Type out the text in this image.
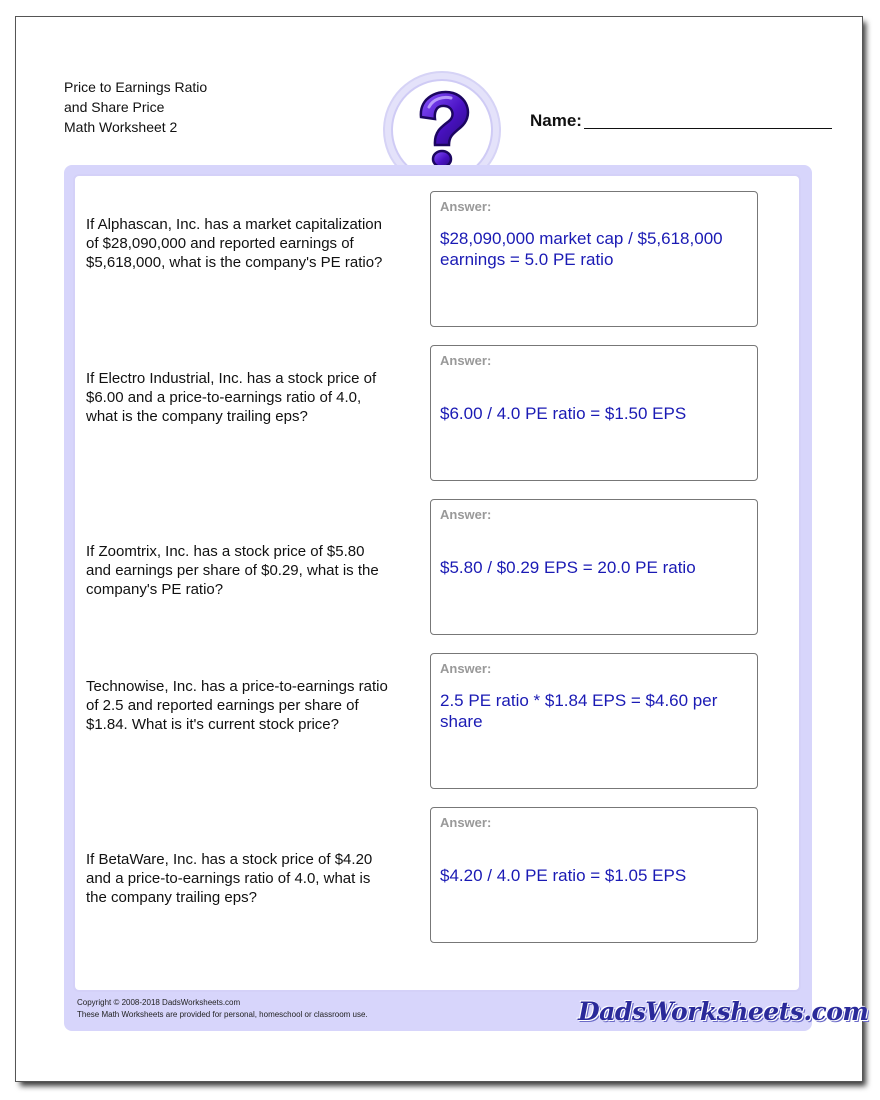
Price to Earnings Ratio
and Share Price
Math Worksheet 2	Name:
If Alphascan, Inc. has a market capitalization of $28,090,000 and reported earnings of $5,618,000, what is the company's PE ratio?
Answer:
$28,090,000 market cap / $5,618,000 earnings = 5.0 PE ratio
If Electro Industrial, Inc. has a stock price of $6.00 and a price-to-earnings ratio of 4.0, what is the company trailing eps?
Answer:
$6.00 / 4.0 PE ratio = $1.50 EPS
If Zoomtrix, Inc. has a stock price of $5.80 and earnings per share of $0.29, what is the company's PE ratio?
Answer:
$5.80 / $0.29 EPS = 20.0 PE ratio
Technowise, Inc. has a price-to-earnings ratio of 2.5 and reported earnings per share of $1.84. What is it's current stock price?
Answer:
2.5 PE ratio * $1.84 EPS = $4.60 per share
If BetaWare, Inc. has a stock price of $4.20 and a price-to-earnings ratio of 4.0, what is the company trailing eps?
Answer:
$4.20 / 4.0 PE ratio = $1.05 EPS
Copyright © 2008-2018 DadsWorksheets.com
These Math Worksheets are provided for personal, homeschool or classroom use.	DadsWorksheets.com
